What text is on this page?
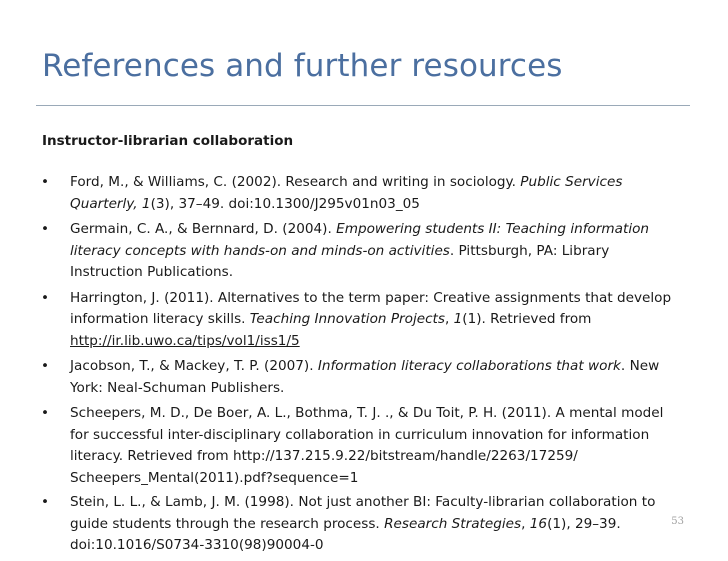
References and further resources
Instructor-librarian collaboration
• Ford, M., & Williams, C. (2002). Research and writing in sociology. Public Services Quarterly, 1(3), 37–49. doi:10.1300/J295v01n03_05
• Germain, C. A., & Bernnard, D. (2004). Empowering students II: Teaching information literacy concepts with hands-on and minds-on activities. Pittsburgh, PA: Library Instruction Publications.
• Harrington, J. (2011). Alternatives to the term paper: Creative assignments that develop information literacy skills. Teaching Innovation Projects, 1(1). Retrieved from http://ir.lib.uwo.ca/tips/vol1/iss1/5
• Jacobson, T., & Mackey, T. P. (2007). Information literacy collaborations that work. New York: Neal-Schuman Publishers.
• Scheepers, M. D., De Boer, A. L., Bothma, T. J. ., & Du Toit, P. H. (2011). A mental model for successful inter-disciplinary collaboration in curriculum innovation for information literacy. Retrieved from http://137.215.9.22/bitstream/handle/2263/17259/ Scheepers_Mental(2011).pdf?sequence=1
• Stein, L. L., & Lamb, J. M. (1998). Not just another BI: Faculty-librarian collaboration to guide students through the research process. Research Strategies, 16(1), 29–39. doi:10.1016/S0734-3310(98)90004-0
53
